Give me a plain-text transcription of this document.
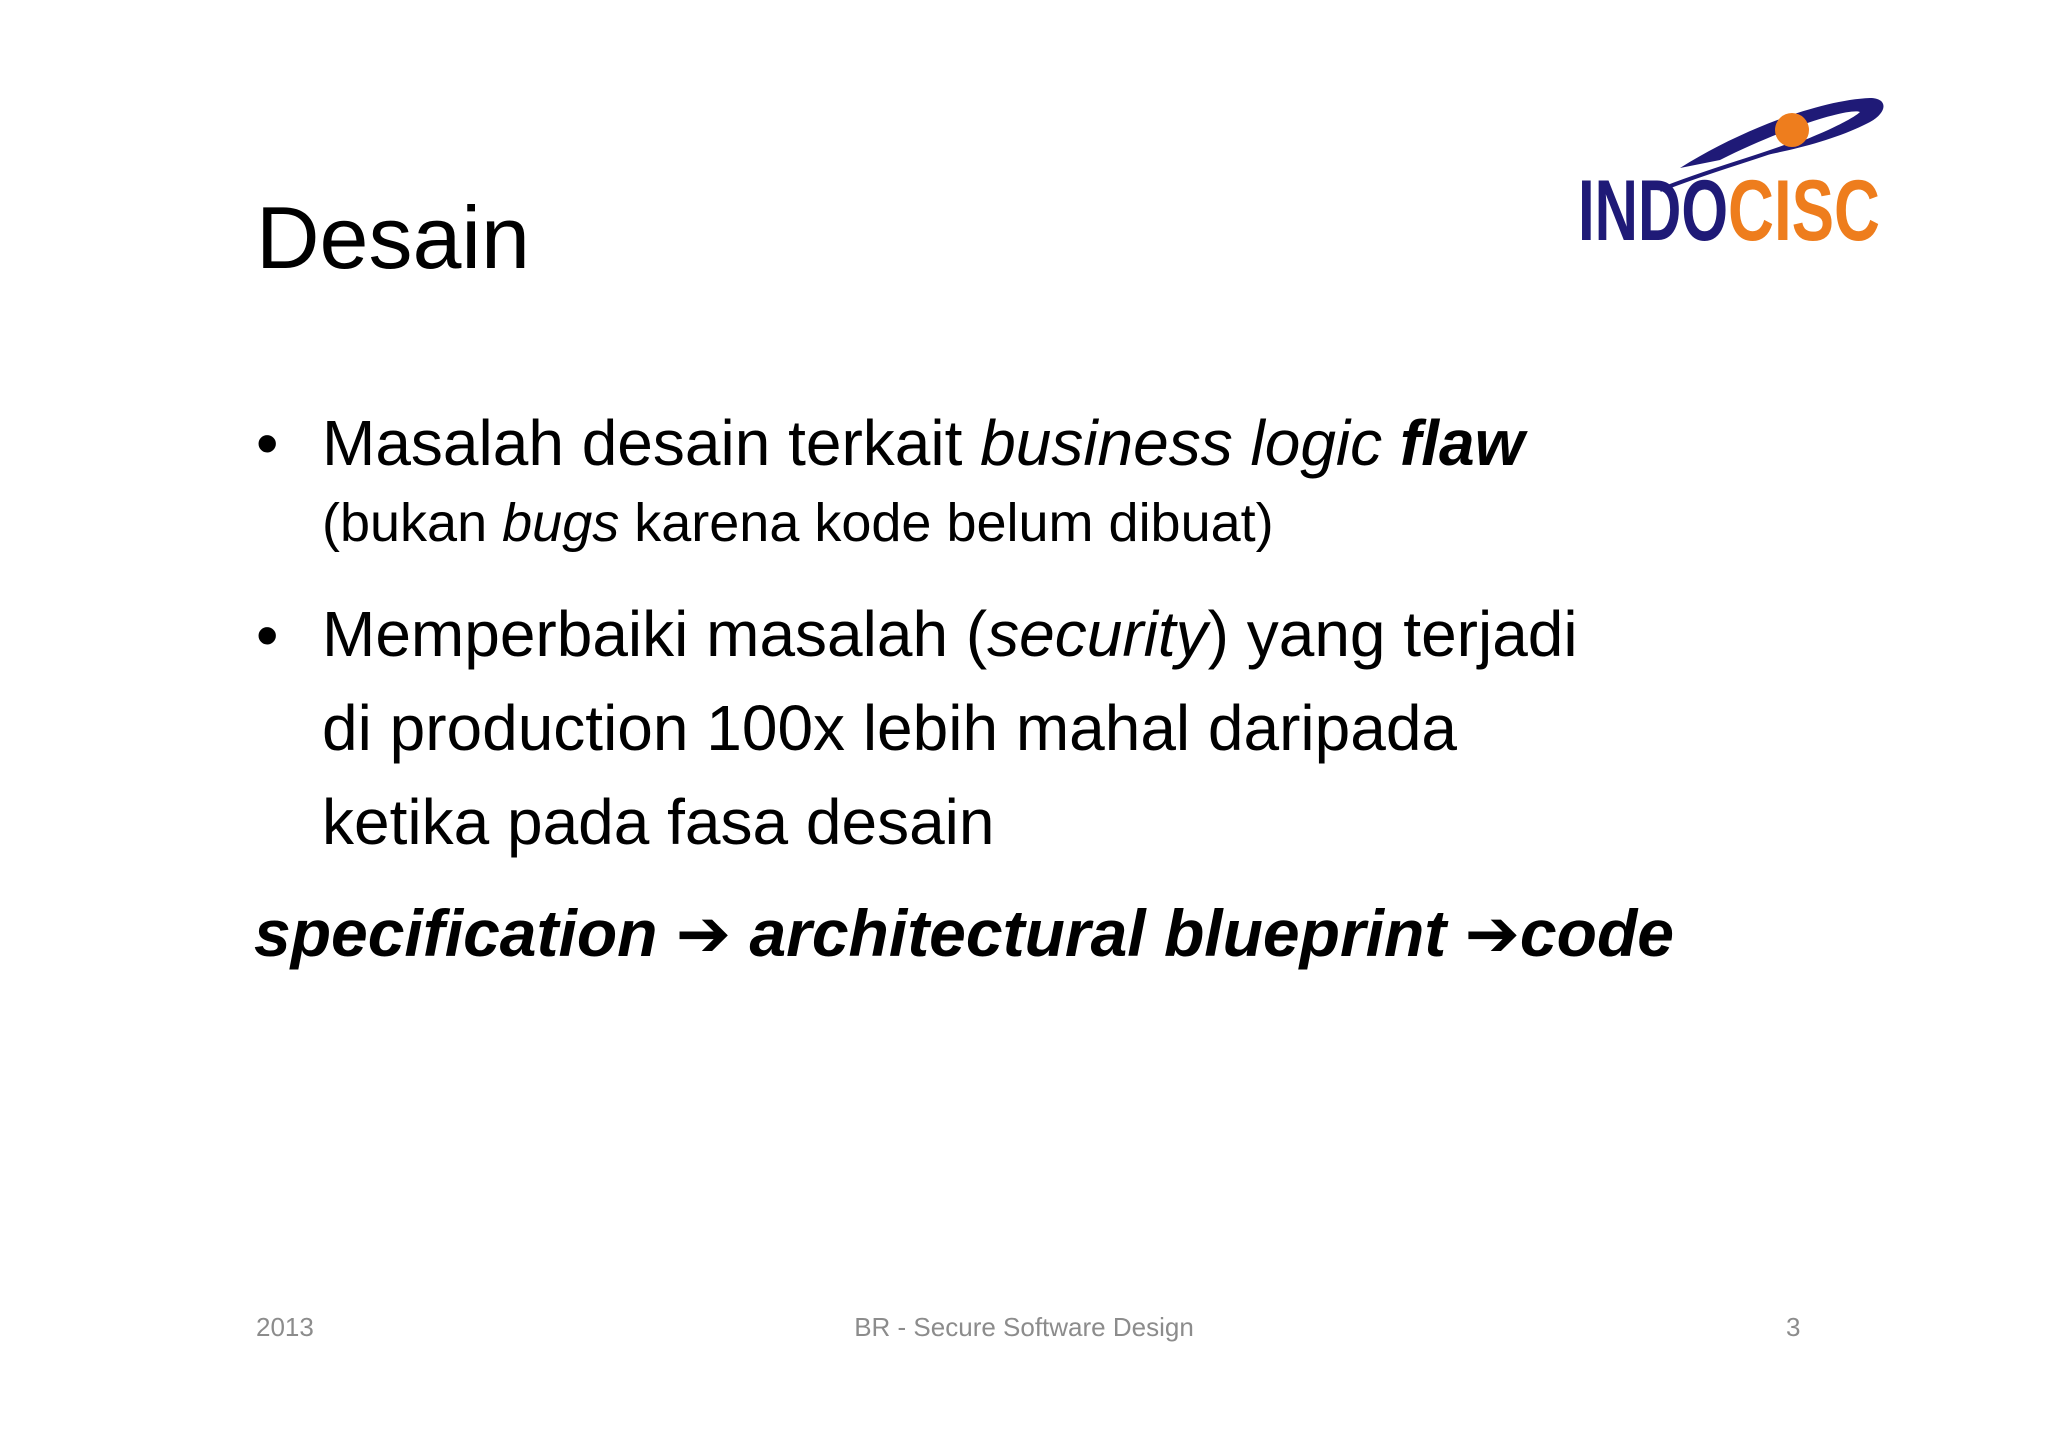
Desain	INDO CISC
• Masalah desain terkait business logic flaw
(bukan bugs karena kode belum dibuat)
• Memperbaiki masalah (security) yang terjadi
di production 100x lebih mahal daripada
ketika pada fasa desain
specification ➔ architectural blueprint ➔code
2013	BR - Secure Software Design	3
